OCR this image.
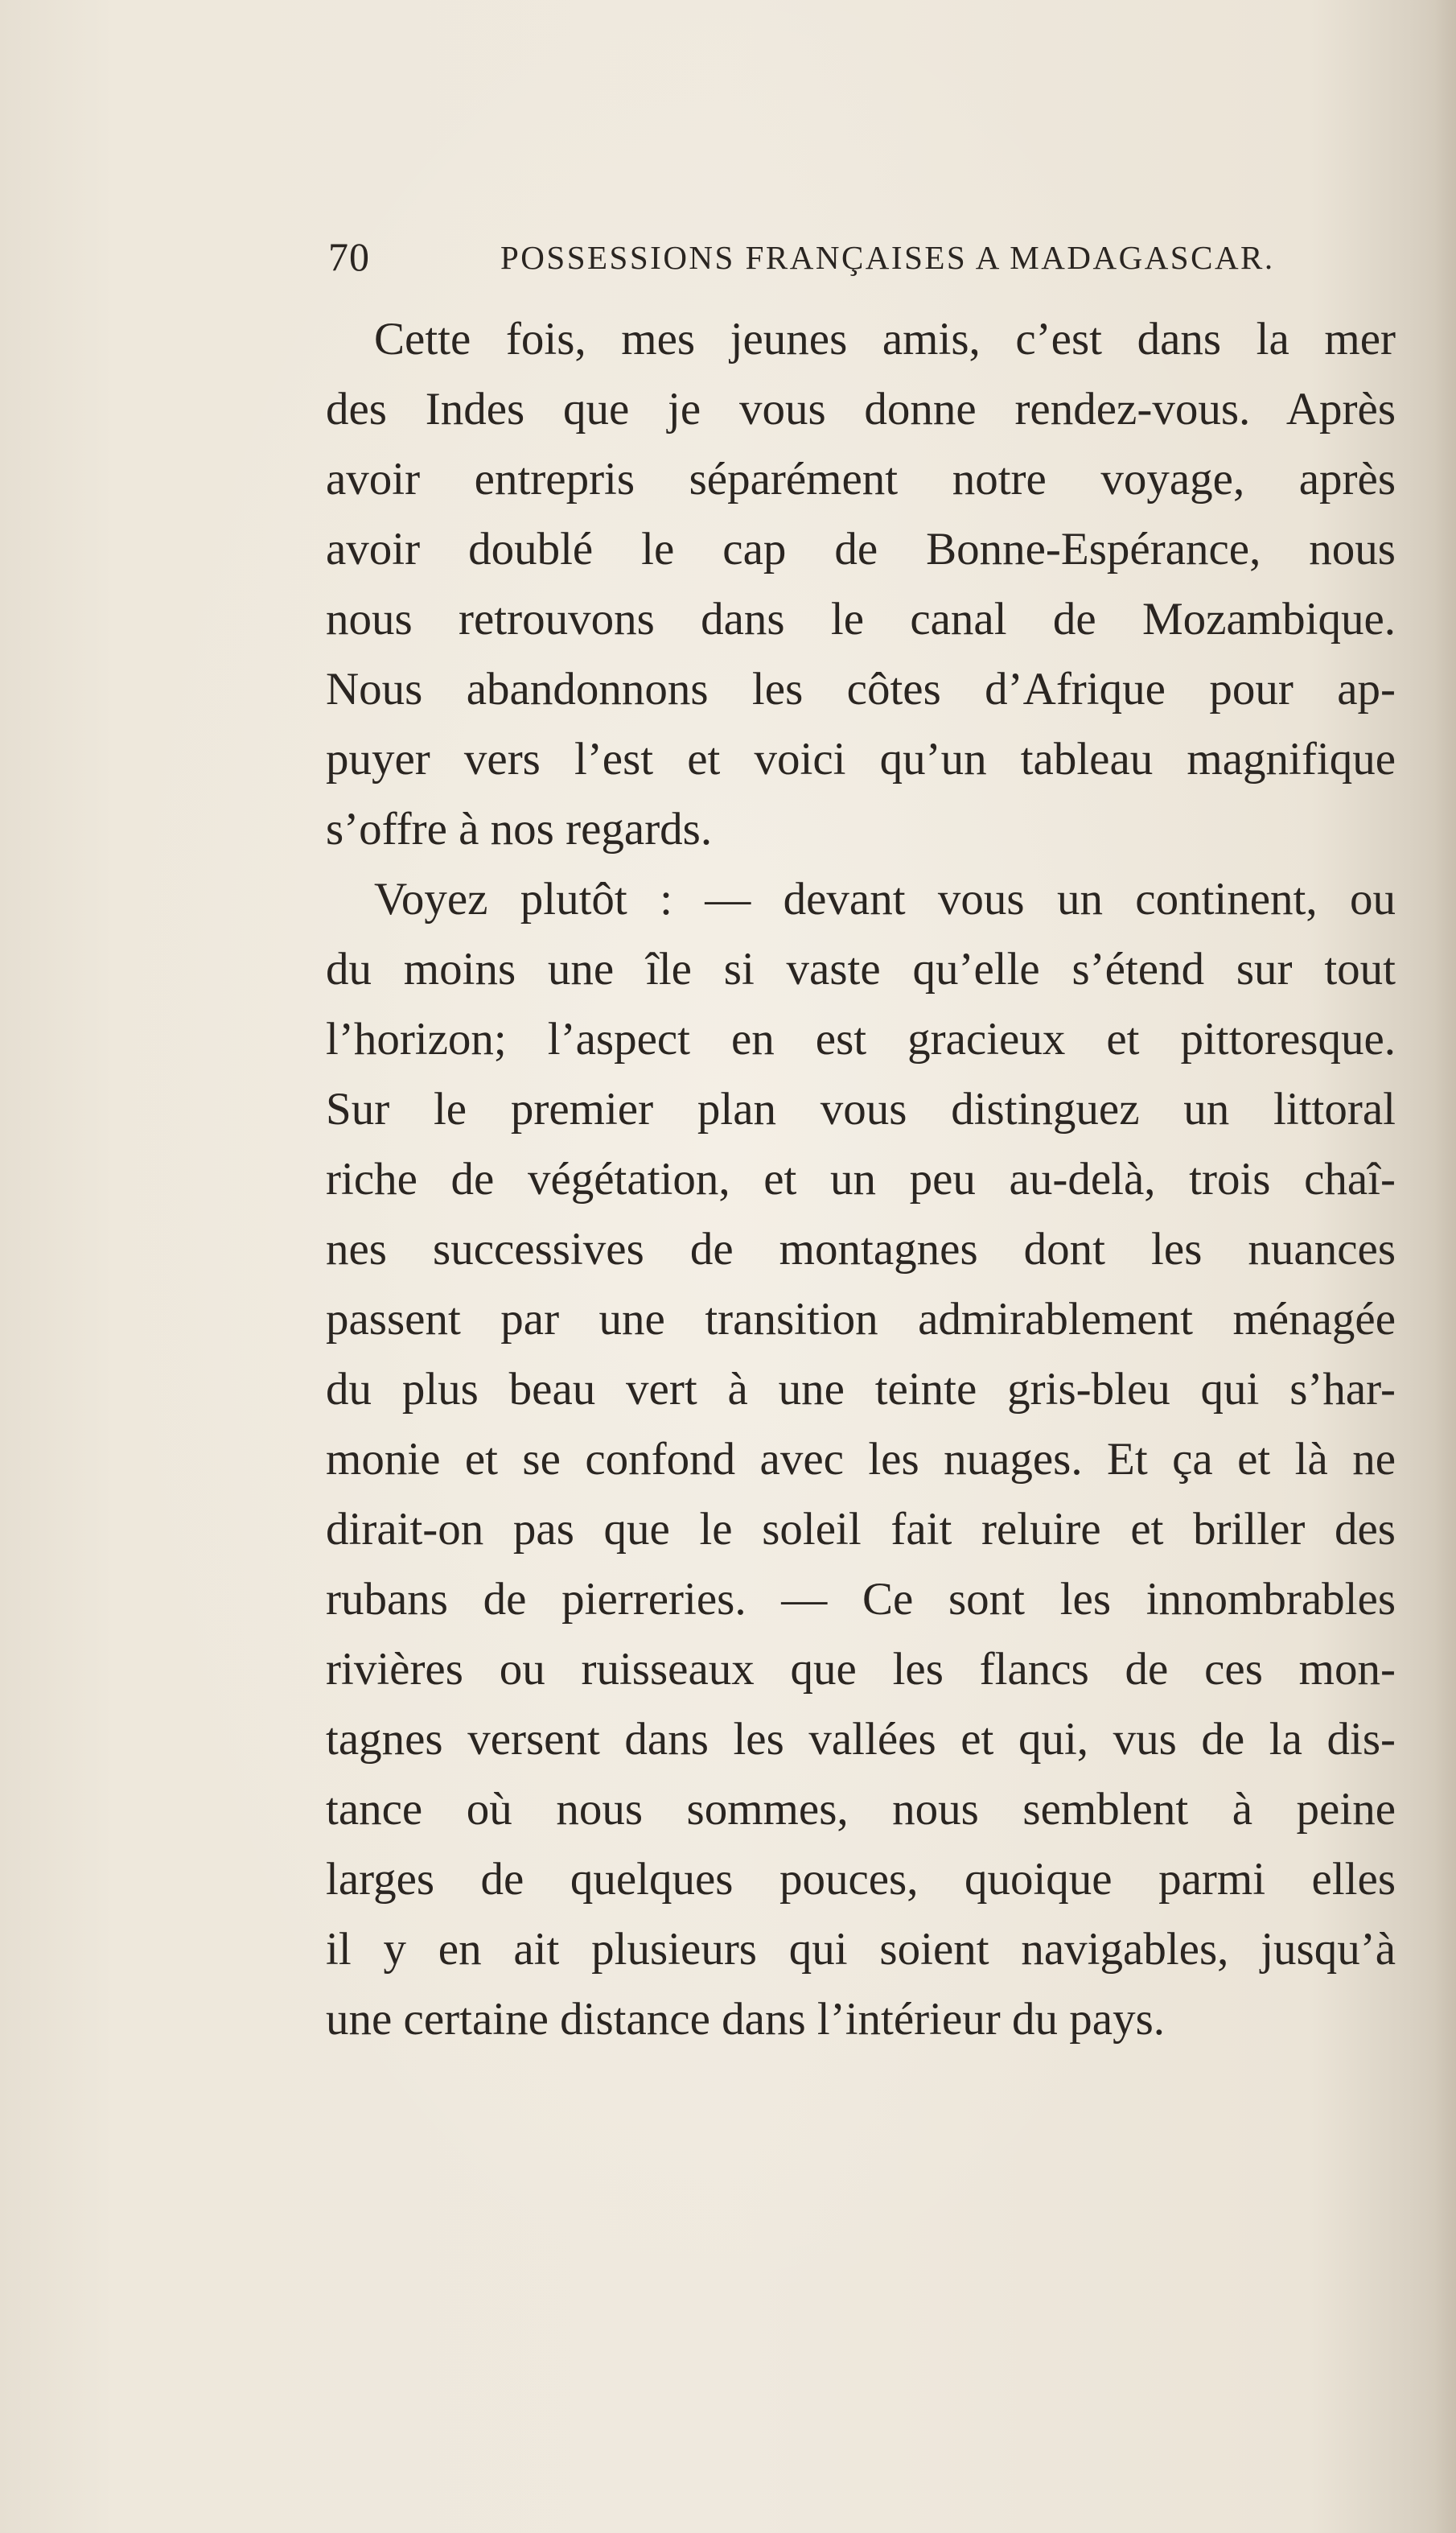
70	POSSESSIONS FRANÇAISES A MADAGASCAR.
Cette fois, mes jeunes amis, c’est dans la mer
des Indes que je vous donne rendez-vous. Après
avoir entrepris séparément notre voyage, après
avoir doublé le cap de Bonne-Espérance, nous
nous retrouvons dans le canal de Mozambique.
Nous abandonnons les côtes d’Afrique pour ap-
puyer vers l’est et voici qu’un tableau magnifique
s’offre à nos regards.
Voyez plutôt : — devant vous un continent, ou
du moins une île si vaste qu’elle s’étend sur tout
l’horizon; l’aspect en est gracieux et pittoresque.
Sur le premier plan vous distinguez un littoral
riche de végétation, et un peu au-delà, trois chaî-
nes successives de montagnes dont les nuances
passent par une transition admirablement ménagée
du plus beau vert à une teinte gris-bleu qui s’har-
monie et se confond avec les nuages. Et ça et là ne
dirait-on pas que le soleil fait reluire et briller des
rubans de pierreries. — Ce sont les innombrables
rivières ou ruisseaux que les flancs de ces mon-
tagnes versent dans les vallées et qui, vus de la dis-
tance où nous sommes, nous semblent à peine
larges de quelques pouces, quoique parmi elles
il y en ait plusieurs qui soient navigables, jusqu’à
une certaine distance dans l’intérieur du pays.
